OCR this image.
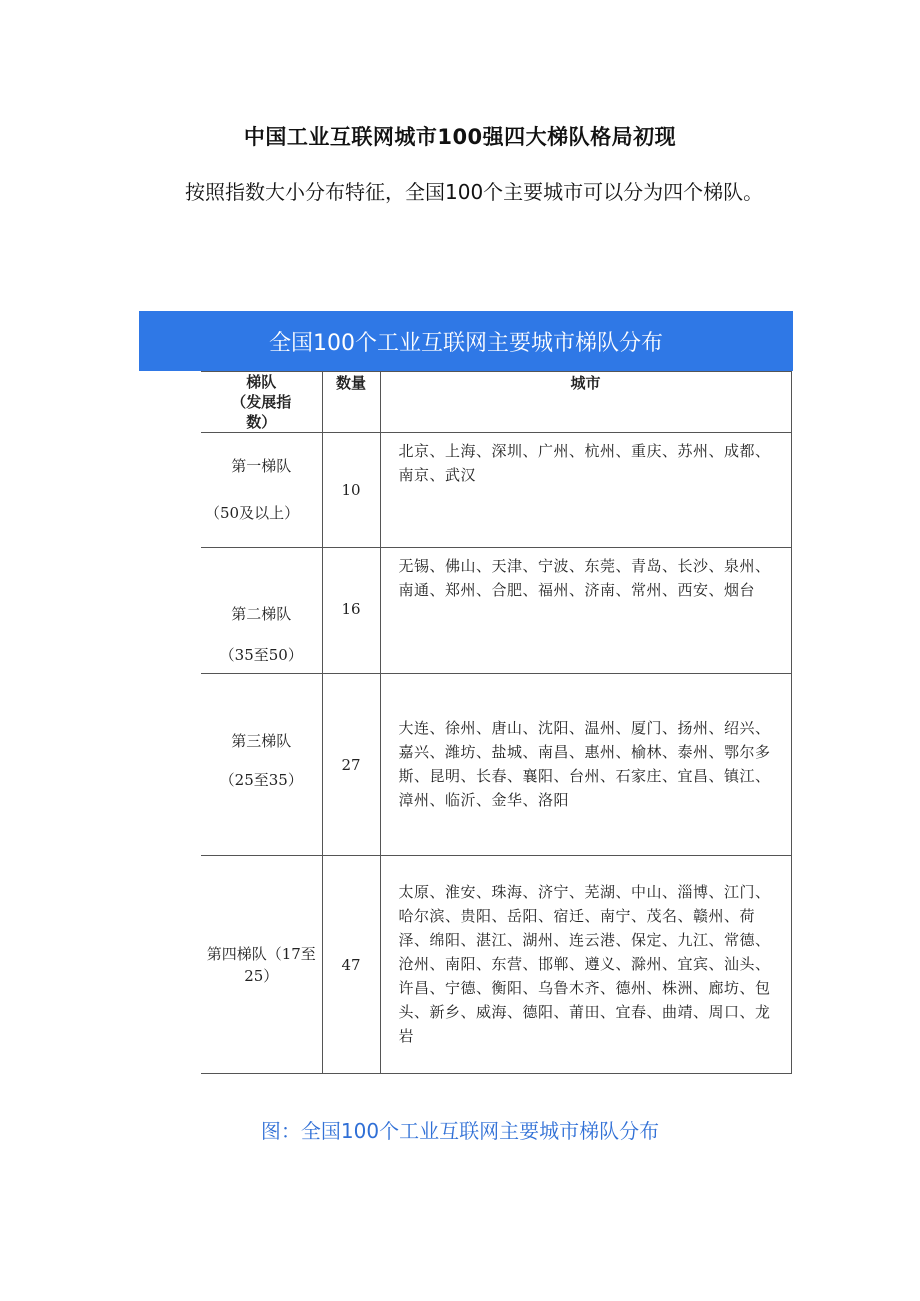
中国工业互联网城市100强四大梯队格局初现
按照指数大小分布特征，全国100个主要城市可以分为四个梯队。
全国100个工业互联网主要城市梯队分布
梯队
（发展指
数）	数量	城市

第一梯队
（50及以上）	10	北京、上海、深圳、广州、杭州、重庆、苏州、成都、南京、武汉

第二梯队
（35至50）	16	无锡、佛山、天津、宁波、东莞、青岛、长沙、泉州、南通、郑州、合肥、福州、济南、常州、西安、烟台

第三梯队
（25至35）	27	大连、徐州、唐山、沈阳、温州、厦门、扬州、绍兴、嘉兴、潍坊、盐城、南昌、惠州、榆林、泰州、鄂尔多斯、昆明、长春、襄阳、台州、石家庄、宜昌、镇江、漳州、临沂、金华、洛阳

第四梯队（17至25）	47	太原、淮安、珠海、济宁、芜湖、中山、淄博、江门、哈尔滨、贵阳、岳阳、宿迁、南宁、茂名、赣州、荷泽、绵阳、湛江、湖州、连云港、保定、九江、常德、沧州、南阳、东营、邯郸、遵义、滁州、宜宾、汕头、许昌、宁德、衡阳、乌鲁木齐、德州、株洲、廊坊、包头、新乡、威海、德阳、莆田、宜春、曲靖、周口、龙岩
图：全国100个工业互联网主要城市梯队分布
